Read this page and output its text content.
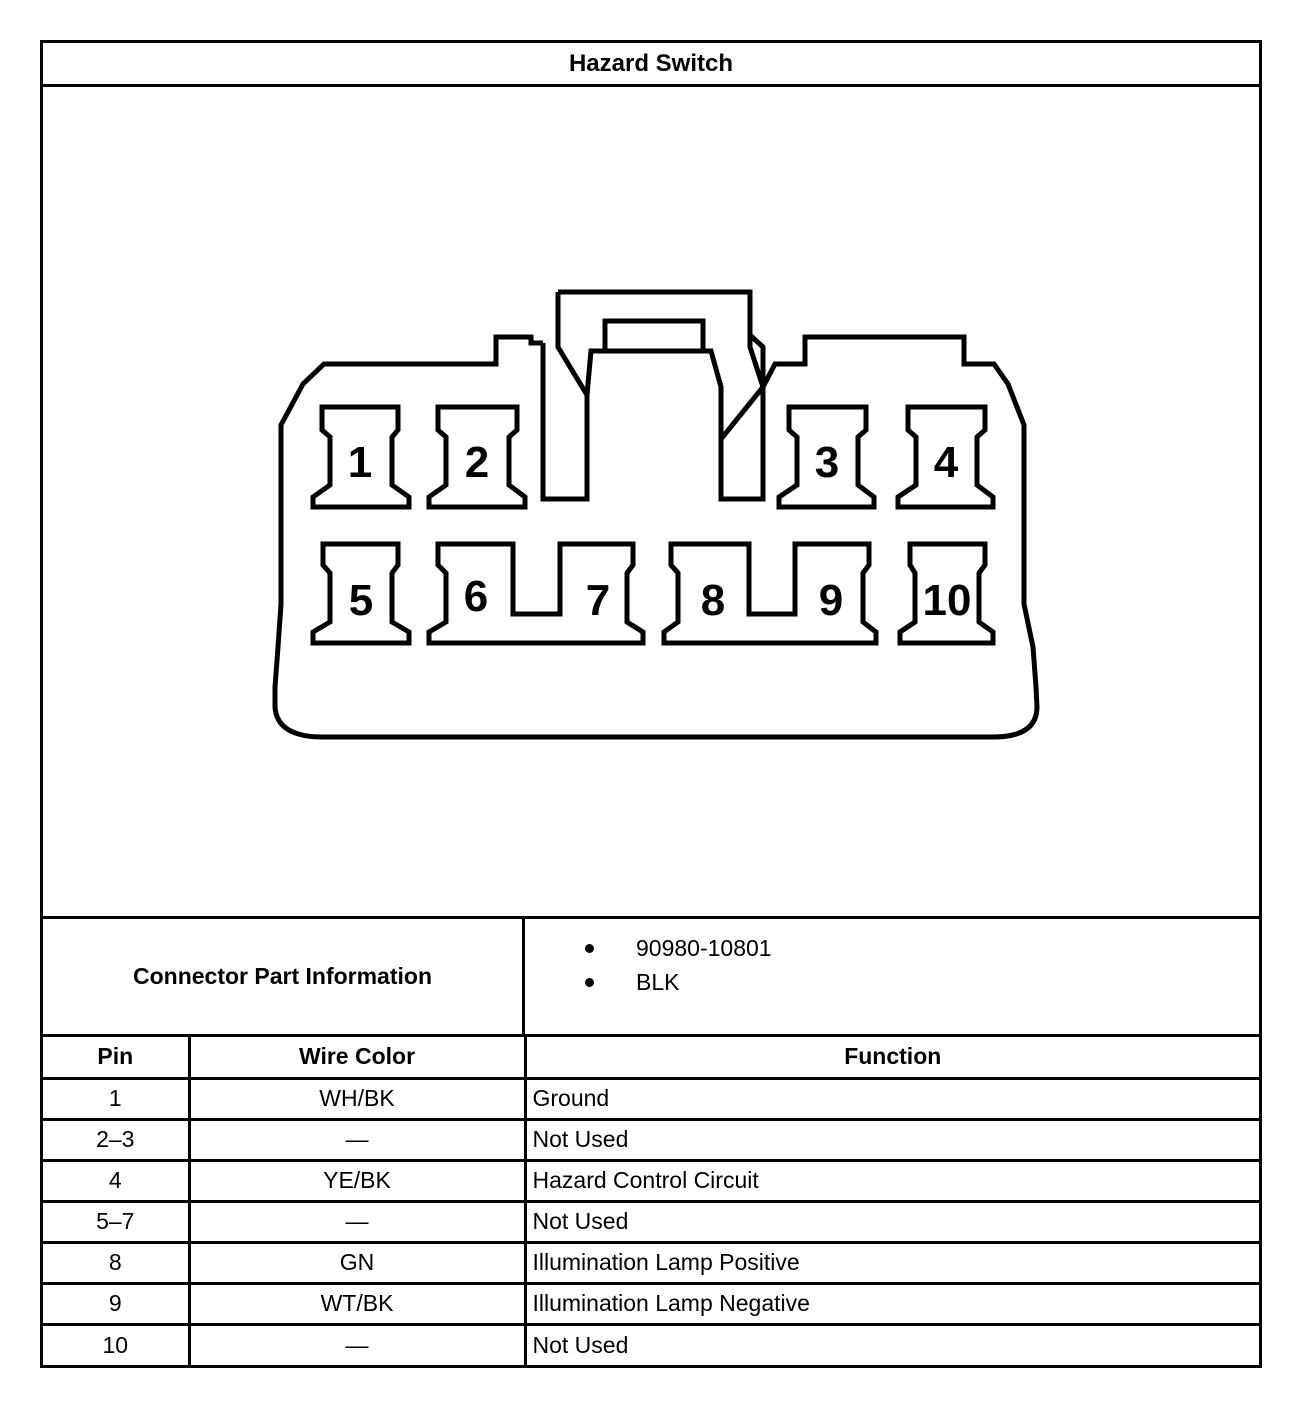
Hazard Switch
1 2	3 4
5 6 7 8 9 10
Connector Part Information
90980-10801
BLK
Pin	Wire Color	Function
1	WH/BK	Ground
2–3	—	Not Used
4	YE/BK	Hazard Control Circuit
5–7	—	Not Used
8	GN	Illumination Lamp Positive
9	WT/BK	Illumination Lamp Negative
10	—	Not Used
